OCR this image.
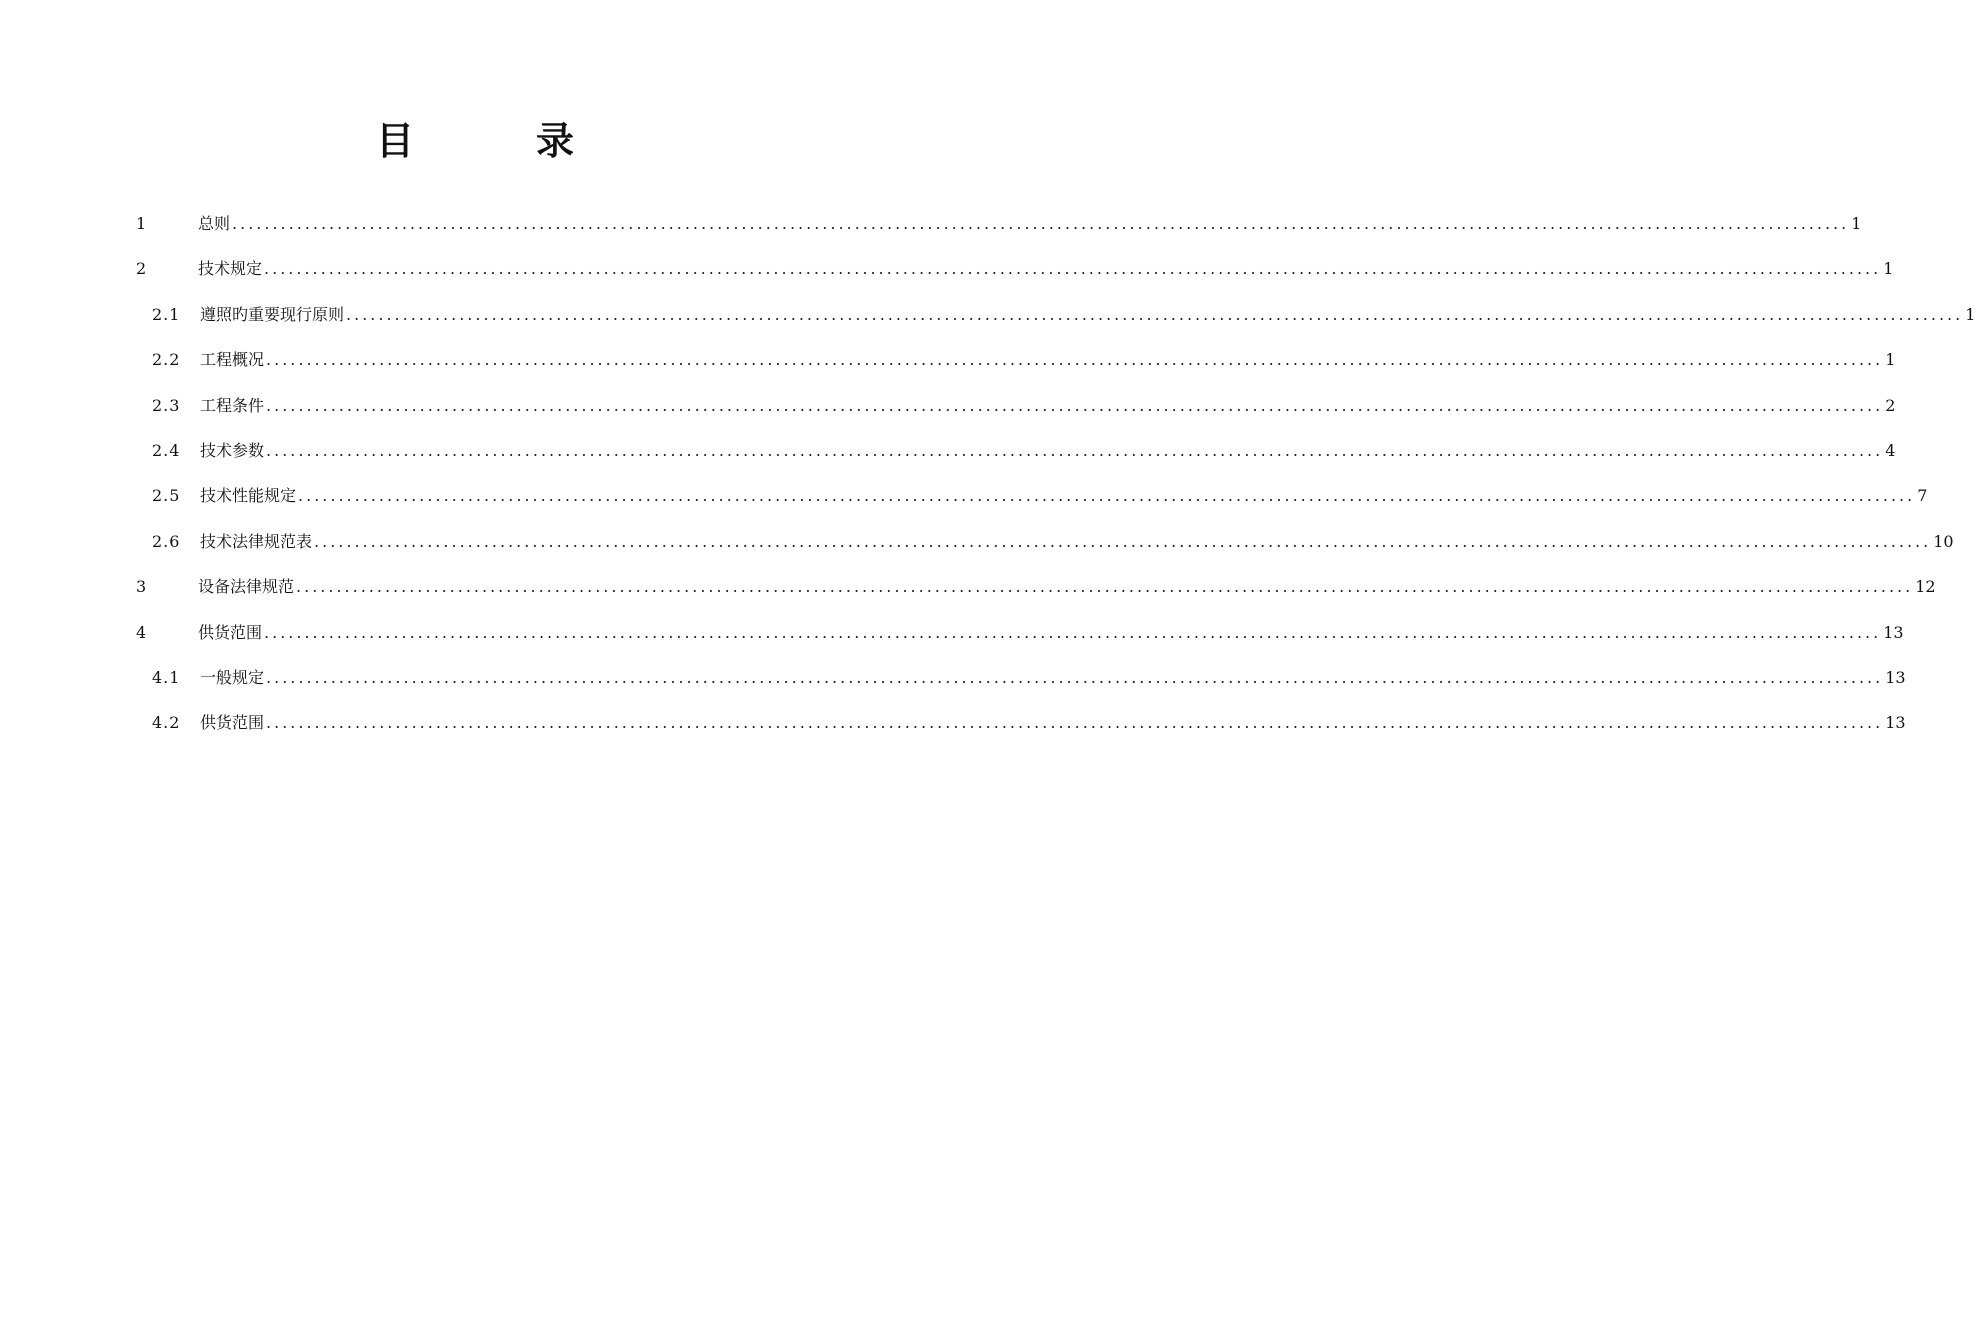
目　录
1	总则 ........................................................................................................................................................................................................ 1
2	技术规定 ........................................................................................................................................................................................................ 1
2.1	遵照旳重要现行原则 ........................................................................................................................................................................................................ 1
2.2	工程概况 ........................................................................................................................................................................................................ 1
2.3	工程条件 ........................................................................................................................................................................................................ 2
2.4	技术参数 ........................................................................................................................................................................................................ 4
2.5	技术性能规定 ........................................................................................................................................................................................................ 7
2.6	技术法律规范表 ........................................................................................................................................................................................................ 10
3	设备法律规范 ........................................................................................................................................................................................................ 12
4	供货范围 ........................................................................................................................................................................................................ 13
4.1	一般规定 ........................................................................................................................................................................................................ 13
4.2	供货范围 ........................................................................................................................................................................................................ 13
